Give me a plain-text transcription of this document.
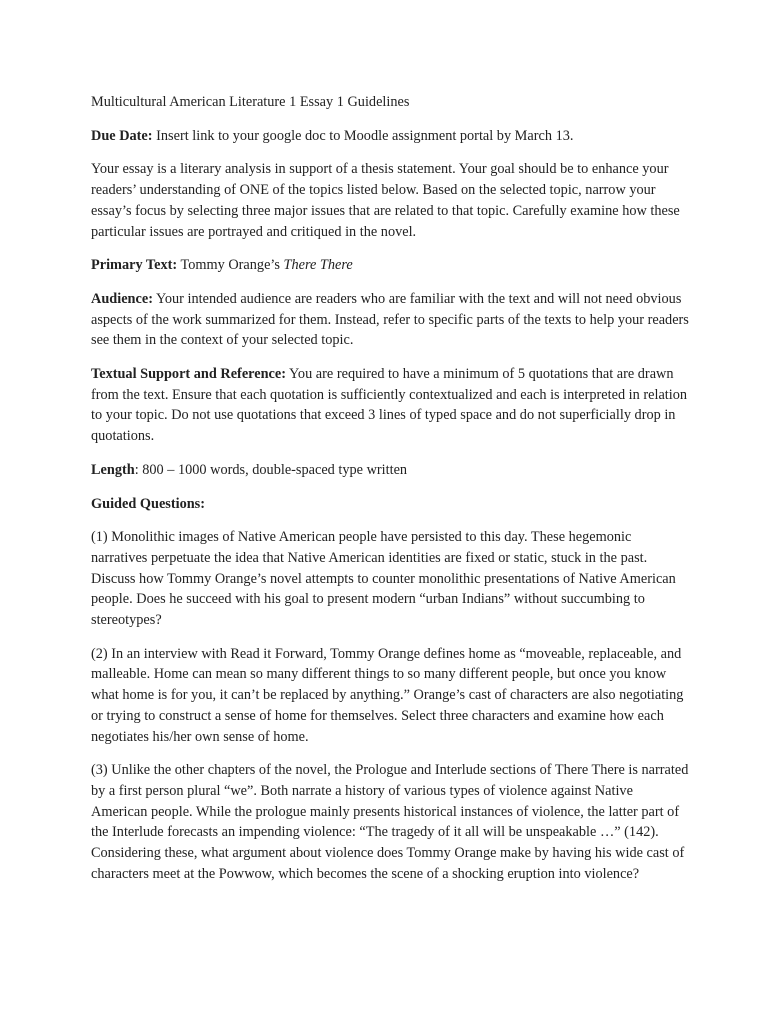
Multicultural American Literature 1 Essay 1 Guidelines

Due Date: Insert link to your google doc to Moodle assignment portal by March 13.

Your essay is a literary analysis in support of a thesis statement. Your goal should be to enhance your readers’ understanding of ONE of the topics listed below. Based on the selected topic, narrow your essay’s focus by selecting three major issues that are related to that topic. Carefully examine how these particular issues are portrayed and critiqued in the novel.

Primary Text: Tommy Orange’s There There

Audience: Your intended audience are readers who are familiar with the text and will not need obvious aspects of the work summarized for them. Instead, refer to specific parts of the texts to help your readers see them in the context of your selected topic.

Textual Support and Reference: You are required to have a minimum of 5 quotations that are drawn from the text. Ensure that each quotation is sufficiently contextualized and each is interpreted in relation to your topic. Do not use quotations that exceed 3 lines of typed space and do not superficially drop in quotations.

Length: 800 – 1000 words, double-spaced type written

Guided Questions:

(1) Monolithic images of Native American people have persisted to this day. These hegemonic narratives perpetuate the idea that Native American identities are fixed or static, stuck in the past. Discuss how Tommy Orange’s novel attempts to counter monolithic presentations of Native American people. Does he succeed with his goal to present modern “urban Indians” without succumbing to stereotypes?

(2) In an interview with Read it Forward, Tommy Orange defines home as “moveable, replaceable, and malleable. Home can mean so many different things to so many different people, but once you know what home is for you, it can’t be replaced by anything.” Orange’s cast of characters are also negotiating or trying to construct a sense of home for themselves. Select three characters and examine how each negotiates his/her own sense of home.

(3) Unlike the other chapters of the novel, the Prologue and Interlude sections of There There is narrated by a first person plural “we”. Both narrate a history of various types of violence against Native American people. While the prologue mainly presents historical instances of violence, the latter part of the Interlude forecasts an impending violence: “The tragedy of it all will be unspeakable …” (142). Considering these, what argument about violence does Tommy Orange make by having his wide cast of characters meet at the Powwow, which becomes the scene of a shocking eruption into violence?
